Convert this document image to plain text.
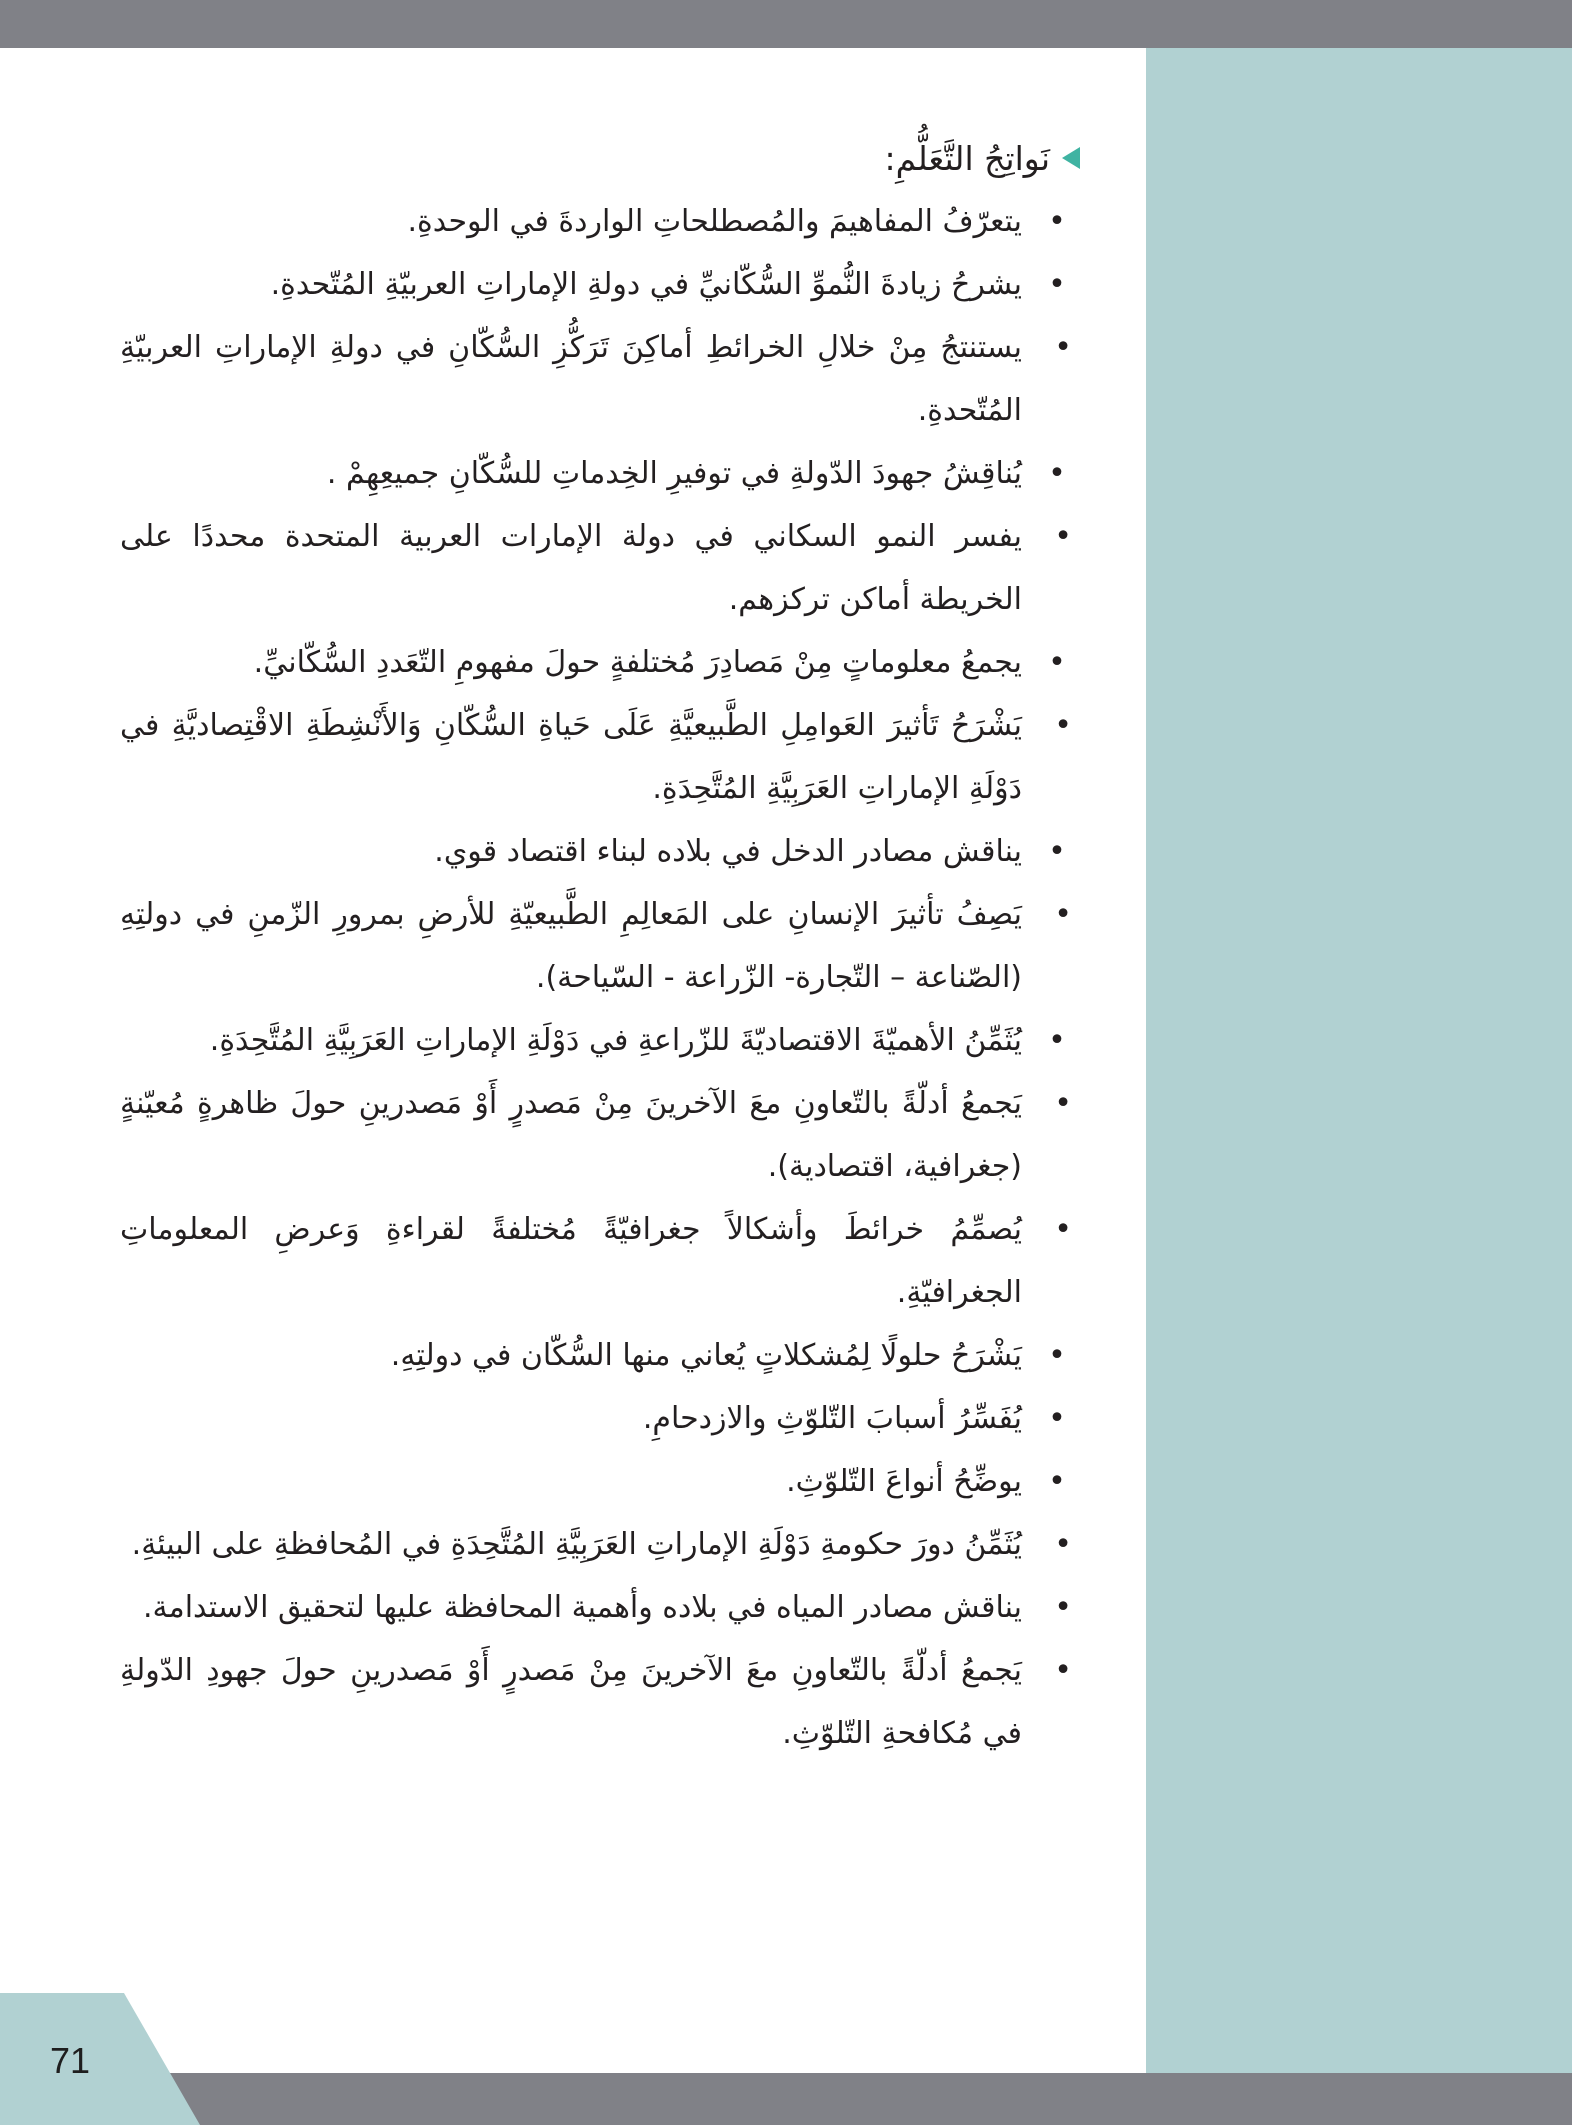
71
نَواتِجُ التَّعَلُّمِ:
•
يتعرّفُ المفاهيمَ والمُصطلحاتِ الواردةَ في الوحدةِ.
•
يشرحُ زيادةَ النُّموِّ السُّكّانيِّ في دولةِ الإماراتِ العربيّةِ المُتّحدةِ.
•
يستنتجُ مِنْ خلالِ الخرائطِ أماكِنَ تَرَكُّزِ السُّكّانِ في دولةِ الإماراتِ العربيّةِ المُتّحدةِ.
•
يُناقِشُ جهودَ الدّولةِ في توفيرِ الخِدماتِ للسُّكّانِ جميعِهِمْ .
•
يفسر النمو السكاني في دولة الإمارات العربية المتحدة محددًا على الخريطة أماكن تركزهم.
•
يجمعُ معلوماتٍ مِنْ مَصادِرَ مُختلفةٍ حولَ مفهومِ التّعَددِ السُّكّانيِّ.
•
يَشْرَحُ تَأثيرَ العَوامِلِ الطَّبيعيَّةِ عَلَى حَياةِ السُّكّانِ وَالأَنْشِطَةِ الاقْتِصاديَّةِ في دَوْلَةِ الإماراتِ العَرَبِيَّةِ المُتَّحِدَةِ.
•
يناقش مصادر الدخل في بلاده لبناء اقتصاد قوي.
•
يَصِفُ تأثيرَ الإنسانِ على المَعالِمِ الطَّبيعيّةِ للأرضِ بمرورِ الزّمنِ في دولتِهِ (الصّناعة – التّجارة- الزّراعة - السّياحة).
•
يُثَمِّنُ الأهميّةَ الاقتصاديّةَ للزّراعةِ في دَوْلَةِ الإماراتِ العَرَبِيَّةِ المُتَّحِدَةِ.
•
يَجمعُ أدلّةً بالتّعاونِ معَ الآخرينَ مِنْ مَصدرٍ أَوْ مَصدرينِ حولَ ظاهرةٍ مُعيّنةٍ (جغرافية، اقتصادية).
•
يُصمِّمُ خرائطَ وأشكالاً جغرافيّةً مُختلفةً لقراءةِ وَعرضِ المعلوماتِ الجغرافيّةِ.
•
يَشْرَحُ حلولًا لِمُشكلاتٍ يُعاني منها السُّكّان في دولتِهِ.
•
يُفَسِّرُ أسبابَ التّلوّثِ والازدحامِ.
•
يوضِّحُ أنواعَ التّلوّثِ.
•
يُثَمِّنُ دورَ حكومةِ دَوْلَةِ الإماراتِ العَرَبِيَّةِ المُتَّحِدَةِ في المُحافظةِ على البيئةِ.
•
يناقش مصادر المياه في بلاده وأهمية المحافظة عليها لتحقيق الاستدامة.
•
يَجمعُ أدلّةً بالتّعاونِ معَ الآخرينَ مِنْ مَصدرٍ أَوْ مَصدرينِ حولَ جهودِ الدّولةِ في مُكافحةِ التّلوّثِ.
